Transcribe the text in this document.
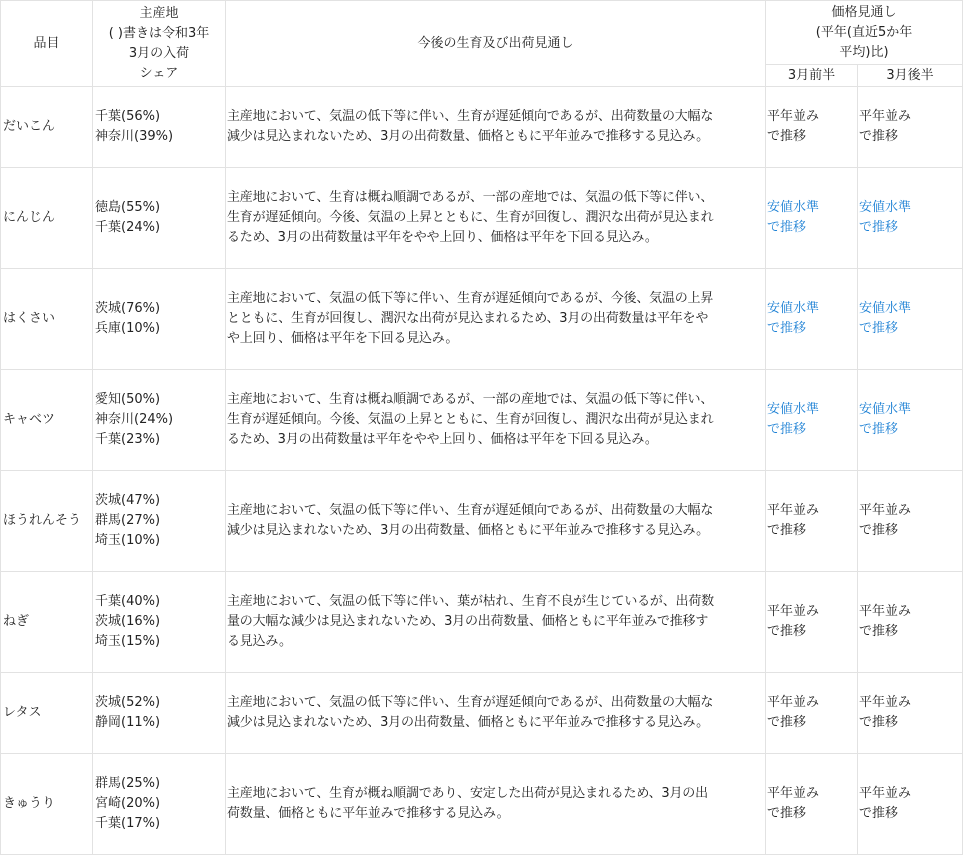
品目	主産地
( )書きは令和3年
3月の入荷
シェア	今後の生育及び出荷見通し	価格見通し
(平年(直近5か年
平均)比)	

			3月前半	3月後半
だいこん	千葉(56%)
神奈川(39%)	主産地において、気温の低下等に伴い、生育が遅延傾向であるが、出荷数量の大幅な
減少は見込まれないため、3月の出荷数量、価格ともに平年並みで推移する見込み。	平年並み
で推移	平年並み
で推移

にんじん	徳島(55%)
千葉(24%)	主産地において、生育は概ね順調であるが、一部の産地では、気温の低下等に伴い、
生育が遅延傾向。今後、気温の上昇とともに、生育が回復し、潤沢な出荷が見込まれ
るため、3月の出荷数量は平年をやや上回り、価格は平年を下回る見込み。	安値水準
で推移	安値水準
で推移

はくさい	茨城(76%)
兵庫(10%)	主産地において、気温の低下等に伴い、生育が遅延傾向であるが、今後、気温の上昇
とともに、生育が回復し、潤沢な出荷が見込まれるため、3月の出荷数量は平年をや
や上回り、価格は平年を下回る見込み。	安値水準
で推移	安値水準
で推移

キャベツ	愛知(50%)
神奈川(24%)
千葉(23%)	主産地において、生育は概ね順調であるが、一部の産地では、気温の低下等に伴い、
生育が遅延傾向。今後、気温の上昇とともに、生育が回復し、潤沢な出荷が見込まれ
るため、3月の出荷数量は平年をやや上回り、価格は平年を下回る見込み。	安値水準
で推移	安値水準
で推移

ほうれんそう	茨城(47%)
群馬(27%)
埼玉(10%)	主産地において、気温の低下等に伴い、生育が遅延傾向であるが、出荷数量の大幅な
減少は見込まれないため、3月の出荷数量、価格ともに平年並みで推移する見込み。	平年並み
で推移	平年並み
で推移

ねぎ	千葉(40%)
茨城(16%)
埼玉(15%)	主産地において、気温の低下等に伴い、葉が枯れ、生育不良が生じているが、出荷数
量の大幅な減少は見込まれないため、3月の出荷数量、価格ともに平年並みで推移す
る見込み。	平年並み
で推移	平年並み
で推移

レタス	茨城(52%)
静岡(11%)	主産地において、気温の低下等に伴い、生育が遅延傾向であるが、出荷数量の大幅な
減少は見込まれないため、3月の出荷数量、価格ともに平年並みで推移する見込み。	平年並み
で推移	平年並み
で推移

きゅうり	群馬(25%)
宮崎(20%)
千葉(17%)	主産地において、生育が概ね順調であり、安定した出荷が見込まれるため、3月の出
荷数量、価格ともに平年並みで推移する見込み。	平年並み
で推移	平年並み
で推移
